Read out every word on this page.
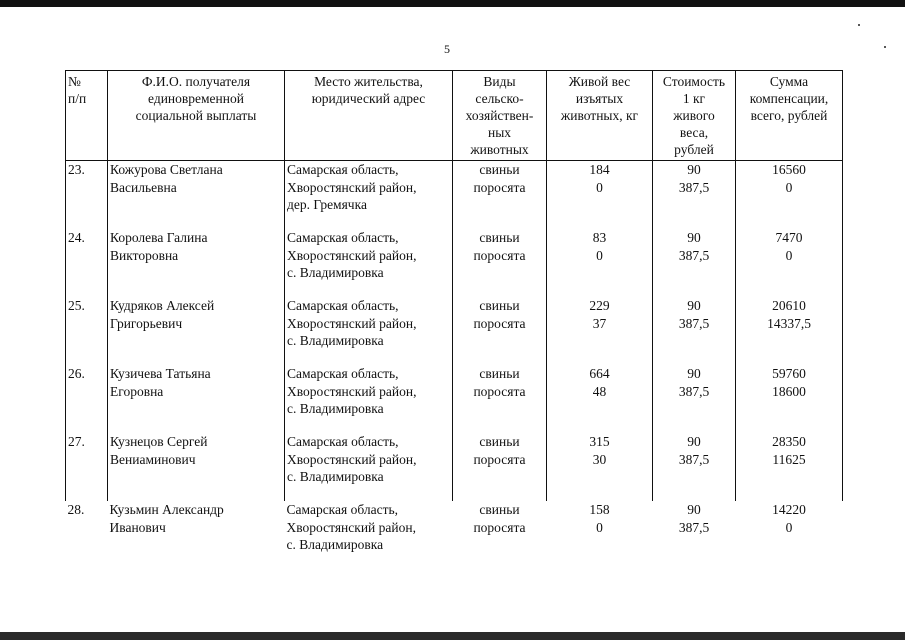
5
№
п/п	Ф.И.О. получателя
единовременной
социальной выплаты	Место жительства,
юридический адрес	Виды
сельско-
хозяйствен-
ных
животных	Живой вес
изъятых
животных, кг	Стоимость
1 кг
живого
веса,
рублей	Сумма
компенсации,
всего, рублей

23.	Кожурова Светлана
Васильевна	Самарская область,
Хворостянский район,
дер. Гремячка	свиньи
поросята	184
0	90
387,5	16560
0

24.	Королева Галина
Викторовна	Самарская область,
Хворостянский район,
с. Владимировка	свиньи
поросята	83
0	90
387,5	7470
0

25.	Кудряков Алексей
Григорьевич	Самарская область,
Хворостянский район,
с. Владимировка	свиньи
поросята	229
37	90
387,5	20610
14337,5

26.	Кузичева Татьяна
Егоровна	Самарская область,
Хворостянский район,
с. Владимировка	свиньи
поросята	664
48	90
387,5	59760
18600

27.	Кузнецов Сергей
Вениаминович	Самарская область,
Хворостянский район,
с. Владимировка	свиньи
поросята	315
30	90
387,5	28350
11625

28.	Кузьмин Александр
Иванович	Самарская область,
Хворостянский район,
с. Владимировка	свиньи
поросята	158
0	90
387,5	14220
0
